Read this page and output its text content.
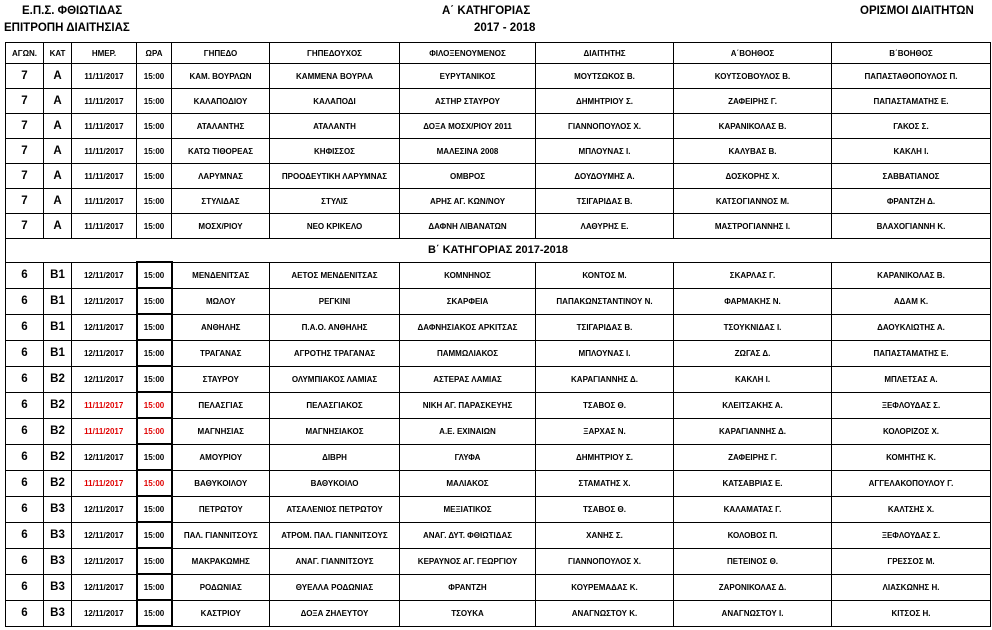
Ε.Π.Σ. ΦΘΙΩΤΙΔΑΣ
ΕΠΙΤΡΟΠΗ ΔΙΑΙΤΗΣΙΑΣ
Α΄ ΚΑΤΗΓΟΡΙΑΣ
2017 - 2018
ΟΡΙΣΜΟΙ ΔΙΑΙΤΗΤΩΝ
ΑΓΩΝ.	ΚΑΤ	ΗΜΕΡ.	ΩΡΑ	ΓΗΠΕΔΟ	ΓΗΠΕΔΟΥΧΟΣ	ΦΙΛΟΞΕΝΟΥΜΕΝΟΣ	ΔΙΑΙΤΗΤΗΣ	Α΄ΒΟΗΘΟΣ	Β΄ΒΟΗΘΟΣ
7	Α	11/11/2017	15:00	ΚΑΜ. ΒΟΥΡΛΩΝ	ΚΑΜΜΕΝΑ ΒΟΥΡΛΑ	ΕΥΡΥΤΑΝΙΚΟΣ	ΜΟΥΤΣΩΚΟΣ Β.	ΚΟΥΤΣΟΒΟΥΛΟΣ Β.	ΠΑΠΑΣΤΑΘΟΠΟΥΛΟΣ Π.
7	Α	11/11/2017	15:00	ΚΑΛΑΠΟΔΙΟΥ	ΚΑΛΑΠΟΔΙ	ΑΣΤΗΡ ΣΤΑΥΡΟΥ	ΔΗΜΗΤΡΙΟΥ Σ.	ΖΑΦΕΙΡΗΣ Γ.	ΠΑΠΑΣΤΑΜΑΤΗΣ Ε.
7	Α	11/11/2017	15:00	ΑΤΑΛΑΝΤΗΣ	ΑΤΑΛΑΝΤΗ	ΔΟΞΑ ΜΟΣΧ/ΡΙΟΥ 2011	ΓΙΑΝΝΟΠΟΥΛΟΣ Χ.	ΚΑΡΑΝΙΚΟΛΑΣ Β.	ΓΑΚΟΣ Σ.
7	Α	11/11/2017	15:00	ΚΑΤΩ ΤΙΘΟΡΕΑΣ	ΚΗΦΙΣΣΟΣ	ΜΑΛΕΣΙΝΑ 2008	ΜΠΛΟΥΝΑΣ Ι.	ΚΑΛΥΒΑΣ Β.	ΚΑΚΛΗ Ι.
7	Α	11/11/2017	15:00	ΛΑΡΥΜΝΑΣ	ΠΡΟΟΔΕΥΤΙΚΗ ΛΑΡΥΜΝΑΣ	ΟΜΒΡΟΣ	ΔΟΥΔΟΥΜΗΣ Α.	ΔΟΣΚΟΡΗΣ Χ.	ΣΑΒΒΑΤΙΑΝΟΣ
7	Α	11/11/2017	15:00	ΣΤΥΛΙΔΑΣ	ΣΤΥΛΙΣ	ΑΡΗΣ ΑΓ. ΚΩΝ/ΝΟΥ	ΤΣΙΓΑΡΙΔΑΣ Β.	ΚΑΤΣΟΓΙΑΝΝΟΣ Μ.	ΦΡΑΝΤΖΗ Δ.
7	Α	11/11/2017	15:00	ΜΟΣΧ/ΡΙΟΥ	ΝΕΟ ΚΡΙΚΕΛΟ	ΔΑΦΝΗ ΛΙΒΑΝΑΤΩΝ	ΛΑΘΥΡΗΣ Ε.	ΜΑΣΤΡΟΓΙΑΝΝΗΣ Ι.	ΒΛΑΧΟΓΙΑΝΝΗ Κ.
Β΄ ΚΑΤΗΓΟΡΙΑΣ 2017-2018									
6	Β1	12/11/2017	15:00	ΜΕΝΔΕΝΙΤΣΑΣ	ΑΕΤΟΣ ΜΕΝΔΕΝΙΤΣΑΣ	ΚΟΜΝΗΝΟΣ	ΚΟΝΤΟΣ Μ.	ΣΚΑΡΛΑΣ Γ.	ΚΑΡΑΝΙΚΟΛΑΣ Β.
6	Β1	12/11/2017	15:00	ΜΩΛΟΥ	ΡΕΓΚΙΝΙ	ΣΚΑΡΦΕΙΑ	ΠΑΠΑΚΩΝΣΤΑΝΤΙΝΟΥ Ν.	ΦΑΡΜΑΚΗΣ Ν.	ΑΔΑΜ Κ.
6	Β1	12/11/2017	15:00	ΑΝΘΗΛΗΣ	Π.Α.Ο. ΑΝΘΗΛΗΣ	ΔΑΦΝΗΣΙΑΚΟΣ ΑΡΚΙΤΣΑΣ	ΤΣΙΓΑΡΙΔΑΣ Β.	ΤΣΟΥΚΝΙΔΑΣ Ι.	ΔΑΟΥΚΛΙΩΤΗΣ Α.
6	Β1	12/11/2017	15:00	ΤΡΑΓΑΝΑΣ	ΑΓΡΟΤΗΣ ΤΡΑΓΑΝΑΣ	ΠΑΜΜΩΛΙΑΚΟΣ	ΜΠΛΟΥΝΑΣ Ι.	ΖΩΓΑΣ Δ.	ΠΑΠΑΣΤΑΜΑΤΗΣ Ε.
6	Β2	12/11/2017	15:00	ΣΤΑΥΡΟΥ	ΟΛΥΜΠΙΑΚΟΣ ΛΑΜΙΑΣ	ΑΣΤΕΡΑΣ ΛΑΜΙΑΣ	ΚΑΡΑΓΙΑΝΝΗΣ Δ.	ΚΑΚΛΗ Ι.	ΜΠΛΕΤΣΑΣ Α.
6	Β2	11/11/2017	15:00	ΠΕΛΑΣΓΙΑΣ	ΠΕΛΑΣΓΙΑΚΟΣ	ΝΙΚΗ ΑΓ. ΠΑΡΑΣΚΕΥΗΣ	ΤΣΑΒΟΣ Θ.	ΚΛΕΙΤΣΑΚΗΣ Α.	ΞΕΦΛΟΥΔΑΣ Σ.
6	Β2	11/11/2017	15:00	ΜΑΓΝΗΣΙΑΣ	ΜΑΓΝΗΣΙΑΚΟΣ	Α.Ε. ΕΧΙΝΑΙΩΝ	ΞΑΡΧΑΣ Ν.	ΚΑΡΑΓΙΑΝΝΗΣ Δ.	ΚΟΛΟΡΙΖΟΣ Χ.
6	Β2	12/11/2017	15:00	ΑΜΟΥΡΙΟΥ	ΔΙΒΡΗ	ΓΛΥΦΑ	ΔΗΜΗΤΡΙΟΥ Σ.	ΖΑΦΕΙΡΗΣ Γ.	ΚΟΜΗΤΗΣ Κ.
6	Β2	11/11/2017	15:00	ΒΑΘΥΚΟΙΛΟΥ	ΒΑΘΥΚΟΙΛΟ	ΜΑΛΙΑΚΟΣ	ΣΤΑΜΑΤΗΣ Χ.	ΚΑΤΣΑΒΡΙΑΣ Ε.	ΑΓΓΕΛΑΚΟΠΟΥΛΟΥ Γ.
6	Β3	12/11/2017	15:00	ΠΕΤΡΩΤΟΥ	ΑΤΣΑΛΕΝΙΟΣ ΠΕΤΡΩΤΟΥ	ΜΕΞΙΑΤΙΚΟΣ	ΤΣΑΒΟΣ Θ.	ΚΑΛΑΜΑΤΑΣ Γ.	ΚΑΛΤΣΗΣ Χ.
6	Β3	12/11/2017	15:00	ΠΑΛ. ΓΙΑΝΝΙΤΣΟΥΣ	ΑΤΡΟΜ. ΠΑΛ. ΓΙΑΝΝΙΤΣΟΥΣ	ΑΝΑΓ. ΔΥΤ. ΦΘΙΩΤΙΔΑΣ	ΧΑΝΗΣ Σ.	ΚΟΛΟΒΟΣ Π.	ΞΕΦΛΟΥΔΑΣ Σ.
6	Β3	12/11/2017	15:00	ΜΑΚΡΑΚΩΜΗΣ	ΑΝΑΓ. ΓΙΑΝΝΙΤΣΟΥΣ	ΚΕΡΑΥΝΟΣ ΑΓ. ΓΕΩΡΓΙΟΥ	ΓΙΑΝΝΟΠΟΥΛΟΣ Χ.	ΠΕΤΕΙΝΟΣ Θ.	ΓΡΕΣΣΟΣ Μ.
6	Β3	12/11/2017	15:00	ΡΟΔΩΝΙΑΣ	ΘΥΕΛΛΑ ΡΟΔΩΝΙΑΣ	ΦΡΑΝΤΖΗ	ΚΟΥΡΕΜΑΔΑΣ Κ.	ΖΑΡΟΝΙΚΟΛΑΣ Δ.	ΛΙΑΣΚΩΝΗΣ Η.
6	Β3	12/11/2017	15:00	ΚΑΣΤΡΙΟΥ	ΔΟΞΑ ΖΗΛΕΥΤΟΥ	ΤΣΟΥΚΑ	ΑΝΑΓΝΩΣΤΟΥ Κ.	ΑΝΑΓΝΩΣΤΟΥ Ι.	ΚΙΤΣΟΣ Η.
